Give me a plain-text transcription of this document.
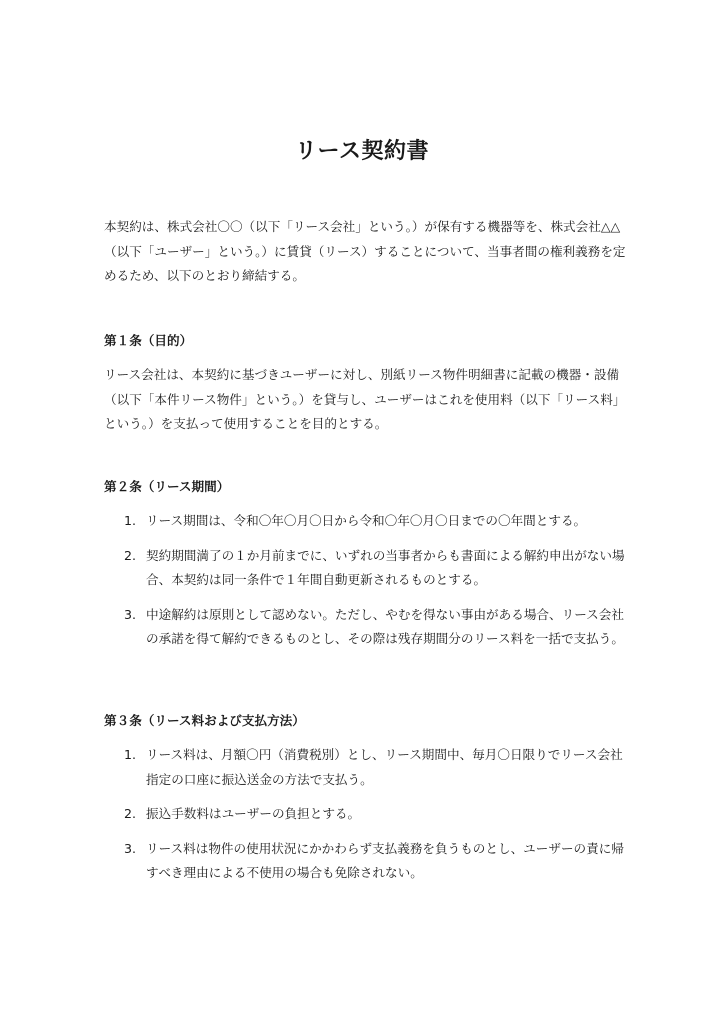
リース契約書
本契約は、株式会社〇〇（以下「リース会社」という。）が保有する機器等を、株式会社△△（以下「ユーザー」という。）に賃貸（リース）することについて、当事者間の権利義務を定めるため、以下のとおり締結する。
第１条（目的）
リース会社は、本契約に基づきユーザーに対し、別紙リース物件明細書に記載の機器・設備（以下「本件リース物件」という。）を貸与し、ユーザーはこれを使用料（以下「リース料」という。）を支払って使用することを目的とする。
第２条（リース期間）
1. リース期間は、令和〇年〇月〇日から令和〇年〇月〇日までの〇年間とする。
2. 契約期間満了の１か月前までに、いずれの当事者からも書面による解約申出がない場合、本契約は同一条件で１年間自動更新されるものとする。
3. 中途解約は原則として認めない。ただし、やむを得ない事由がある場合、リース会社の承諾を得て解約できるものとし、その際は残存期間分のリース料を一括で支払う。
第３条（リース料および支払方法）
1. リース料は、月額〇円（消費税別）とし、リース期間中、毎月〇日限りでリース会社指定の口座に振込送金の方法で支払う。
2. 振込手数料はユーザーの負担とする。
3. リース料は物件の使用状況にかかわらず支払義務を負うものとし、ユーザーの責に帰すべき理由による不使用の場合も免除されない。
